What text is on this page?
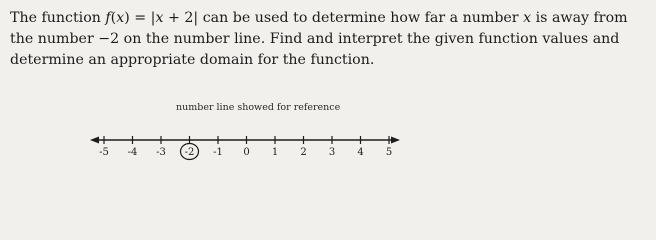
The function f(x) = |x + 2| can be used to determine how far a number x is away from the number −2 on the number line. Find and interpret the given function values and determine an appropriate domain for the function.

number line showed for reference
-5 -4 -3 -2 -1 0 1 2 3 4 5
